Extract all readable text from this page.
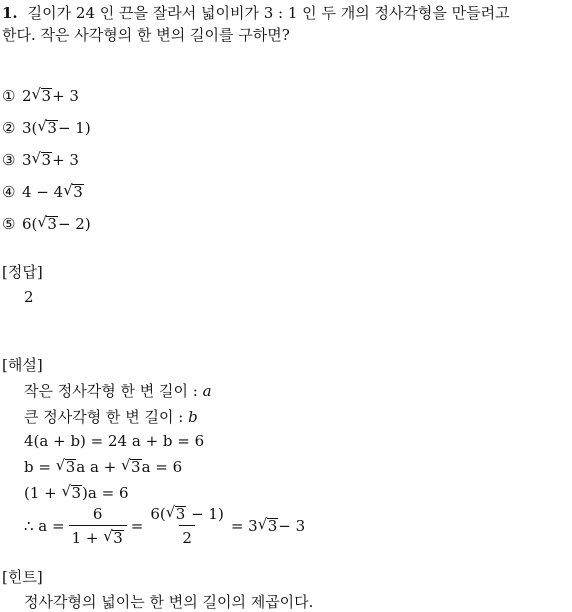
1. 길이가 24 인 끈을 잘라서 넓이비가 3 : 1 인 두 개의 정사각형을 만들려고
한다. 작은 사각형의 한 변의 길이를 구하면?
① 2 √ 3 + 3
② 3( √ 3 − 1)
③ 3 √ 3 + 3
④ 4 − 4 √ 3
⑤ 6( √ 3 − 2)
[정답]
2
[해설]
작은 정사각형 한 변 길이 : a
큰 정사각형 한 변 길이 : b
4(a + b) = 24 a + b = 6
b = √ 3a a + √ 3a = 6
(1 + √ 3)a = 6
∴ $a = \frac{6}{1 + √ 3} = \frac{6( √ 3 - 1)}{2} = 3$ √ 3 − 3
[힌트]
정사각형의 넓이는 한 변의 길이의 제곱이다.
